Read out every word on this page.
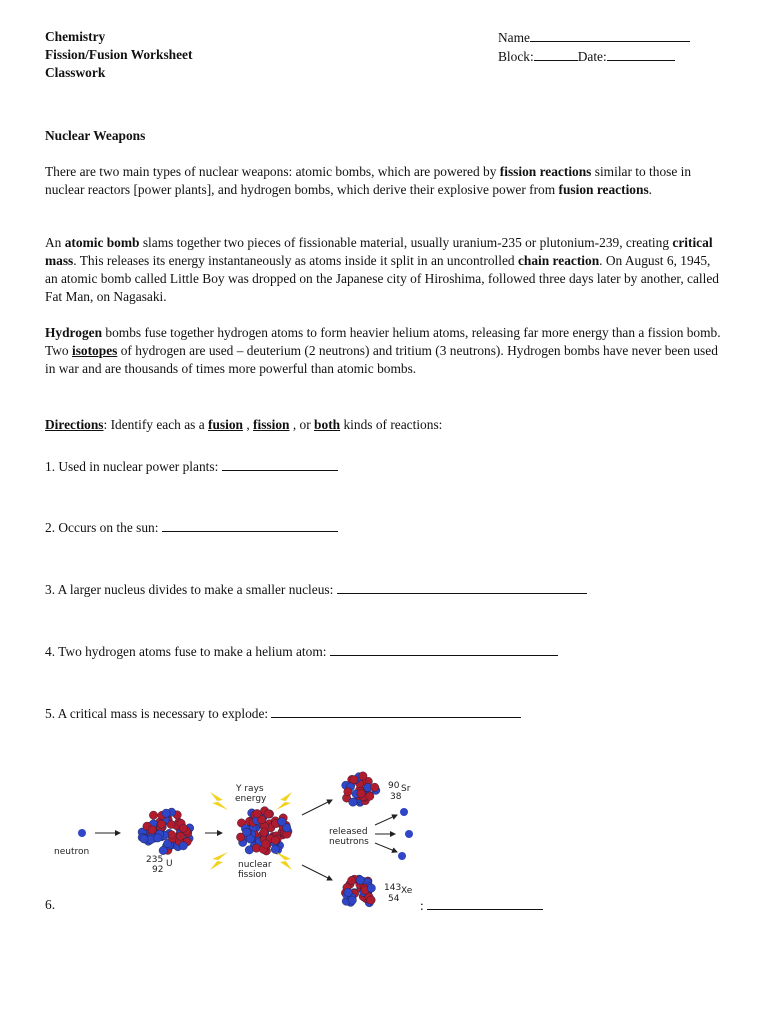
Chemistry
Fission/Fusion Worksheet
Classwork
Name
Block:	Date:
Nuclear Weapons

There are two main types of nuclear weapons: atomic bombs, which are powered by fission reactions similar to those in nuclear reactors [power plants], and hydrogen bombs, which derive their explosive power from fusion reactions.

An atomic bomb slams together two pieces of fissionable material, usually uranium-235 or plutonium-239, creating critical mass. This releases its energy instantaneously as atoms inside it split in an uncontrolled chain reaction. On August 6, 1945, an atomic bomb called Little Boy was dropped on the Japanese city of Hiroshima, followed three days later by another, called Fat Man, on Nagasaki.

Hydrogen bombs fuse together hydrogen atoms to form heavier helium atoms, releasing far more energy than a fission bomb. Two isotopes of hydrogen are used – deuterium (2 neutrons) and tritium (3 neutrons). Hydrogen bombs have never been used in war and are thousands of times more powerful than atomic bombs.

Directions: Identify each as a fusion , fission , or both kinds of reactions:

1. Used in nuclear power plants:
2. Occurs on the sun:
3. A larger nucleus divides to make a smaller nucleus:
4. Two hydrogen atoms fuse to make a helium atom:
5. A critical mass is necessary to explode:
neutron
235 U
92
Y rays
energy
nuclear
fission
released
neutrons
90 Sr
38
143 Xe
54
6.	:
